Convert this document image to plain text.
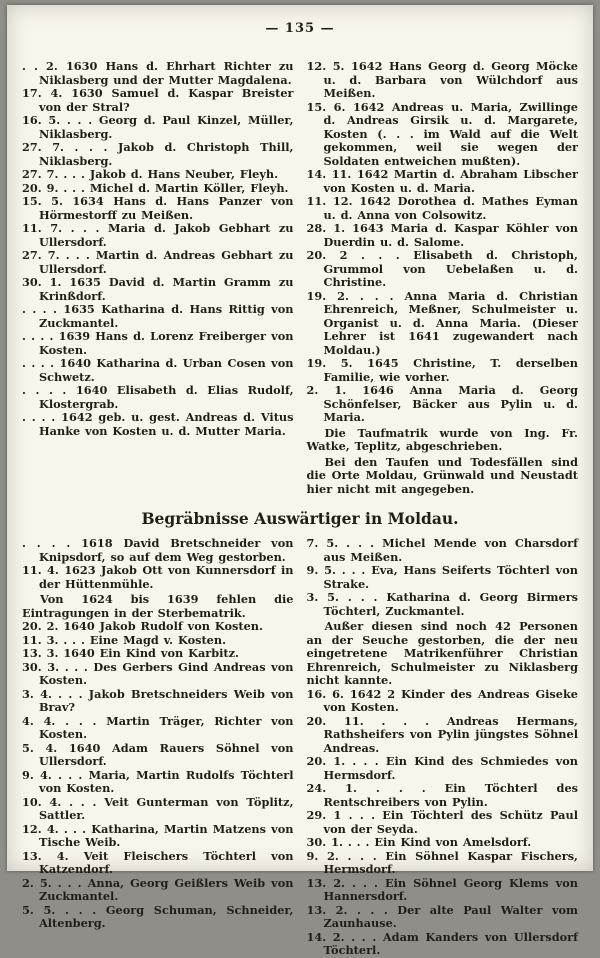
— 135 —

. . 2. 1630 Hans d. Ehrhart Richter zu Niklasberg und der Mutter Magdalena.

17. 4. 1630 Samuel d. Kaspar Breister von der Stral?

16. 5. . . . Georg d. Paul Kinzel, Müller, Niklasberg.

27. 7. . . . Jakob d. Christoph Thill, Niklasberg.

27. 7. . . . Jakob d. Hans Neuber, Fleyh.

20. 9. . . . Michel d. Martin Köller, Fleyh.

15. 5. 1634 Hans d. Hans Panzer von Hörmestorff zu Meißen.

11. 7. . . . Maria d. Jakob Gebhart zu Ullersdorf.

27. 7. . . . Martin d. Andreas Gebhart zu Ullersdorf.

30. 1. 1635 David d. Martin Gramm zu Krinßdorf.

. . . . 1635 Katharina d. Hans Rittig von Zuckmantel.

. . . . 1639 Hans d. Lorenz Freiberger von Kosten.

. . . . 1640 Katharina d. Urban Cosen von Schwetz.

. . . . 1640 Elisabeth d. Elias Rudolf, Klostergrab.

. . . . 1642 geb. u. gest. Andreas d. Vitus Hanke von Kosten u. d. Mutter Maria.

12. 5. 1642 Hans Georg d. Georg Möcke u. d. Barbara von Wülchdorf aus Meißen.

15. 6. 1642 Andreas u. Maria, Zwillinge d. Andreas Girsik u. d. Margarete, Kosten (. . . im Wald auf die Welt gekommen, weil sie wegen der Soldaten entweichen mußten).

14. 11. 1642 Martin d. Abraham Libscher von Kosten u. d. Maria.

11. 12. 1642 Dorothea d. Mathes Eyman u. d. Anna von Colsowitz.

28. 1. 1643 Maria d. Kaspar Köhler von Duerdin u. d. Salome.

20. 2 . . . Elisabeth d. Christoph, Grummol von Uebelaßen u. d. Christine.

19. 2. . . . Anna Maria d. Christian Ehrenreich, Meßner, Schulmeister u. Organist u. d. Anna Maria. (Dieser Lehrer ist 1641 zugewandert nach Moldau.)

19. 5. 1645 Christine, T. derselben Familie, wie vorher.

2. 1. 1646 Anna Maria d. Georg Schönfelser, Bäcker aus Pylin u. d. Maria.

Die Taufmatrik wurde von Ing. Fr. Watke, Teplitz, abgeschrieben.

Bei den Taufen und Todesfällen sind die Orte Moldau, Grünwald und Neustadt hier nicht mit angegeben.

Begräbnisse Auswärtiger in Moldau.

. . . . 1618 David Bretschneider von Knipsdorf, so auf dem Weg gestorben.

11. 4. 1623 Jakob Ott von Kunnersdorf in der Hüttenmühle.

Von 1624 bis 1639 fehlen die Eintragungen in der Sterbematrik.

20. 2. 1640 Jakob Rudolf von Kosten.

11. 3. . . . Eine Magd v. Kosten.

13. 3. 1640 Ein Kind von Karbitz.

30. 3. . . . Des Gerbers Gind Andreas von Kosten.

3. 4. . . . Jakob Bretschneiders Weib von Brav?

4. 4. . . . Martin Träger, Richter von Kosten.

5. 4. 1640 Adam Rauers Söhnel von Ullersdorf.

9. 4. . . . Maria, Martin Rudolfs Töchterl von Kosten.

10. 4. . . . Veit Gunterman von Töplitz, Sattler.

12. 4. . . . Katharina, Martin Matzens von Tische Weib.

13. 4. Veit Fleischers Töchterl von Katzendorf.

2. 5. . . . Anna, Georg Geißlers Weib von Zuckmantel.

5. 5. . . . Georg Schuman, Schneider, Altenberg.

7. 5. . . . Michel Mende von Charsdorf aus Meißen.

9. 5. . . . Eva, Hans Seiferts Töchterl von Strake.

3. 5. . . . Katharina d. Georg Birmers Töchterl, Zuckmantel.

Außer diesen sind noch 42 Personen an der Seuche gestorben, die der neu eingetretene Matrikenführer Christian Ehrenreich, Schulmeister zu Niklasberg nicht kannte.

16. 6. 1642 2 Kinder des Andreas Giseke von Kosten.

20. 11. . . . Andreas Hermans, Rathsheifers von Pylin jüngstes Söhnel Andreas.

20. 1. . . . Ein Kind des Schmiedes von Hermsdorf.

24. 1. . . . Ein Töchterl des Rentschreibers von Pylin.

29. 1 . . . Ein Töchterl des Schütz Paul von der Seyda.

30. 1. . . . Ein Kind von Amelsdorf.

9. 2. . . . Ein Söhnel Kaspar Fischers, Hermsdorf.

13. 2. . . . Ein Söhnel Georg Klems von Hannersdorf.

13. 2. . . . Der alte Paul Walter vom Zaunhause.

14. 2. . . . Adam Kanders von Ullersdorf Töchterl.
